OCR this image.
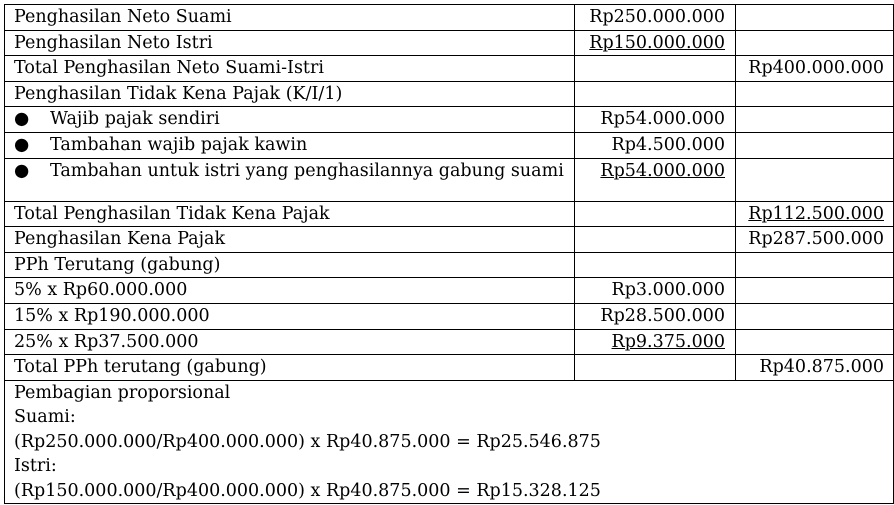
Penghasilan Neto Suami	Rp250.000.000	
Penghasilan Neto Istri	Rp150.000.000	
Total Penghasilan Neto Suami-Istri		Rp400.000.000
Penghasilan Tidak Kena Pajak (K/I/1)		
● Wajib pajak sendiri	Rp54.000.000	
● Tambahan wajib pajak kawin	Rp4.500.000	
● Tambahan untuk istri yang penghasilannya gabung suami	Rp54.000.000	
Total Penghasilan Tidak Kena Pajak		Rp112.500.000
Penghasilan Kena Pajak		Rp287.500.000
PPh Terutang (gabung)		
5% x Rp60.000.000	Rp3.000.000	
15% x Rp190.000.000	Rp28.500.000	
25% x Rp37.500.000	Rp9.375.000	
Total PPh terutang (gabung)		Rp40.875.000

Pembagian proporsional
Suami:
(Rp250.000.000/Rp400.000.000) x Rp40.875.000 = Rp25.546.875
Istri:
(Rp150.000.000/Rp400.000.000) x Rp40.875.000 = Rp15.328.125		
